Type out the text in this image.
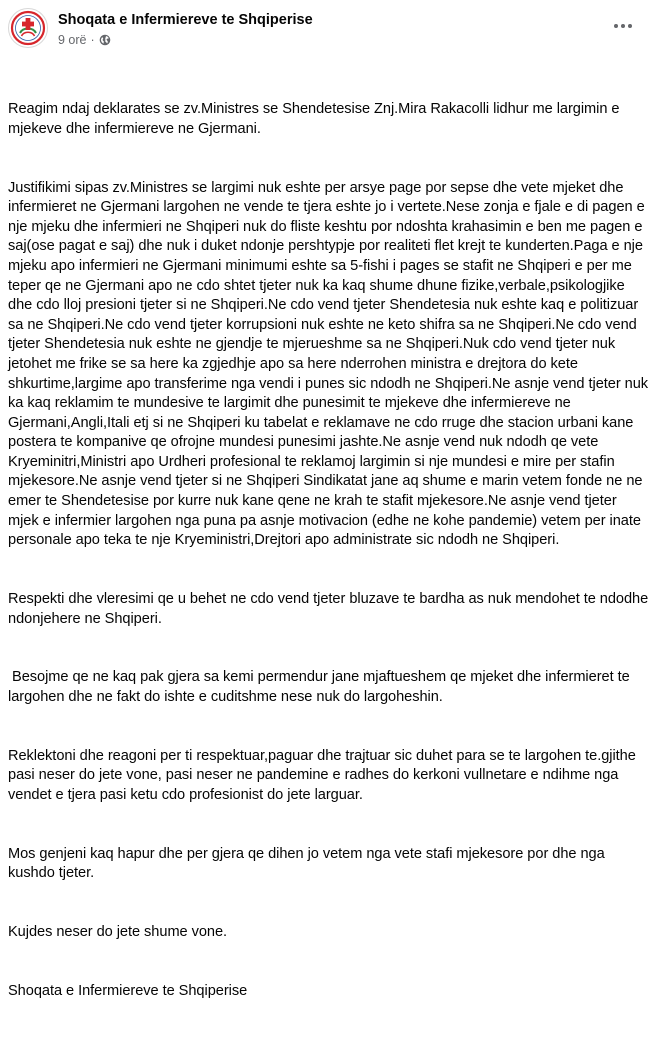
Shoqata e Infermiereve te Shqiperise
9 orë ·

Reagim ndaj deklarates se zv.Ministres se Shendetesise Znj.Mira Rakacolli lidhur me largimin e mjekeve dhe infermiereve ne Gjermani.

Justifikimi sipas zv.Ministres se largimi nuk eshte per arsye page por sepse dhe vete mjeket dhe infermieret ne Gjermani largohen ne vende te tjera eshte jo i vertete.Nese zonja e fjale e di pagen e nje mjeku dhe infermieri ne Shqiperi nuk do fliste keshtu por ndoshta krahasimin e ben me pagen e saj(ose pagat e saj) dhe nuk i duket ndonje pershtypje por realiteti flet krejt te kunderten.Paga e nje mjeku apo infermieri ne Gjermani minimumi eshte sa 5-fishi i pages se stafit ne Shqiperi e per me teper qe ne Gjermani apo ne cdo shtet tjeter nuk ka kaq shume dhune fizike,verbale,psikologjike dhe cdo lloj presioni tjeter si ne Shqiperi.Ne cdo vend tjeter Shendetesia nuk eshte kaq e politizuar sa ne Shqiperi.Ne cdo vend tjeter korrupsioni nuk eshte ne keto shifra sa ne Shqiperi.Ne cdo vend tjeter Shendetesia nuk eshte ne gjendje te mjerueshme sa ne Shqiperi.Nuk cdo vend tjeter nuk jetohet me frike se sa here ka zgjedhje apo sa here nderrohen ministra e drejtora do kete shkurtime,largime apo transferime nga vendi i punes sic ndodh ne Shqiperi.Ne asnje vend tjeter nuk ka kaq reklamim te mundesive te largimit dhe punesimit te mjekeve dhe infermiereve ne Gjermani,Angli,Itali etj si ne Shqiperi ku tabelat e reklamave ne cdo rruge dhe stacion urbani kane postera te kompanive qe ofrojne mundesi punesimi jashte.Ne asnje vend nuk ndodh qe vete Kryeminitri,Ministri apo Urdheri profesional te reklamoj largimin si nje mundesi e mire per stafin mjekesore.Ne asnje vend tjeter si ne Shqiperi Sindikatat jane aq shume e marin vetem fonde ne ne emer te Shendetesise por kurre nuk kane qene ne krah te stafit mjekesore.Ne asnje vend tjeter mjek e infermier largohen nga puna pa asnje motivacion (edhe ne kohe pandemie) vetem per inate personale apo teka te nje Kryeministri,Drejtori apo administrate sic ndodh ne Shqiperi.

Respekti dhe vleresimi qe u behet ne cdo vend tjeter bluzave te bardha as nuk mendohet te ndodhe ndonjehere ne Shqiperi.

Besojme qe ne kaq pak gjera sa kemi permendur jane mjaftueshem qe mjeket dhe infermieret te largohen dhe ne fakt do ishte e cuditshme nese nuk do largoheshin.

Reklektoni dhe reagoni per ti respektuar,paguar dhe trajtuar sic duhet para se te largohen te.gjithe pasi neser do jete vone, pasi neser ne pandemine e radhes do kerkoni vullnetare e ndihme nga vendet e tjera pasi ketu cdo profesionist do jete larguar.

Mos genjeni kaq hapur dhe per gjera qe dihen jo vetem nga vete stafi mjekesore por dhe nga kushdo tjeter.

Kujdes neser do jete shume vone.

Shoqata e Infermiereve te Shqiperise
